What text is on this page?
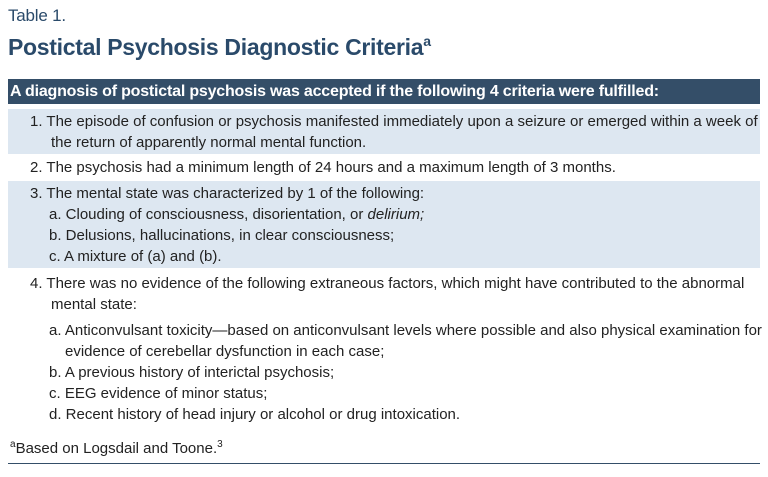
Table 1.
Postictal Psychosis Diagnostic Criteria$^a$
A diagnosis of postictal psychosis was accepted if the following 4 criteria were fulfilled:
1. The episode of confusion or psychosis manifested immediately upon a seizure or emerged within a week of
the return of apparently normal mental function.
2. The psychosis had a minimum length of 24 hours and a maximum length of 3 months.
3. The mental state was characterized by 1 of the following:
a. Clouding of consciousness, disorientation, or delirium;
b. Delusions, hallucinations, in clear consciousness;
c. A mixture of (a) and (b).
4. There was no evidence of the following extraneous factors, which might have contributed to the abnormal
mental state:
a. Anticonvulsant toxicity—based on anticonvulsant levels where possible and also physical examination for
evidence of cerebellar dysfunction in each case;
b. A previous history of interictal psychosis;
c. EEG evidence of minor status;
d. Recent history of head injury or alcohol or drug intoxication.
$^a$Based on Logsdail and Toone.$^3$
